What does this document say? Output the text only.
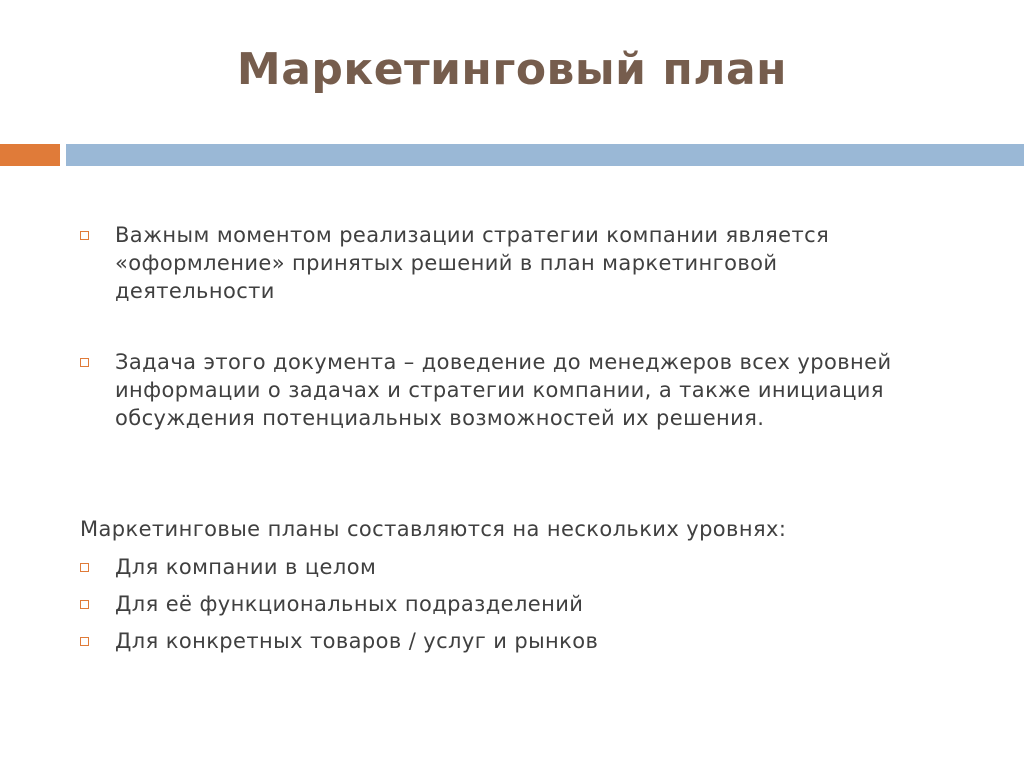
Маркетинговый план
Важным моментом реализации стратегии компании является
«оформление» принятых решений в план маркетинговой
деятельности
Задача этого документа – доведение до менеджеров всех уровней
информации о задачах и стратегии компании, а также инициация
обсуждения потенциальных возможностей их решения.
Маркетинговые планы составляются на нескольких уровнях:
Для компании в целом
Для её функциональных подразделений
Для конкретных товаров / услуг и рынков
